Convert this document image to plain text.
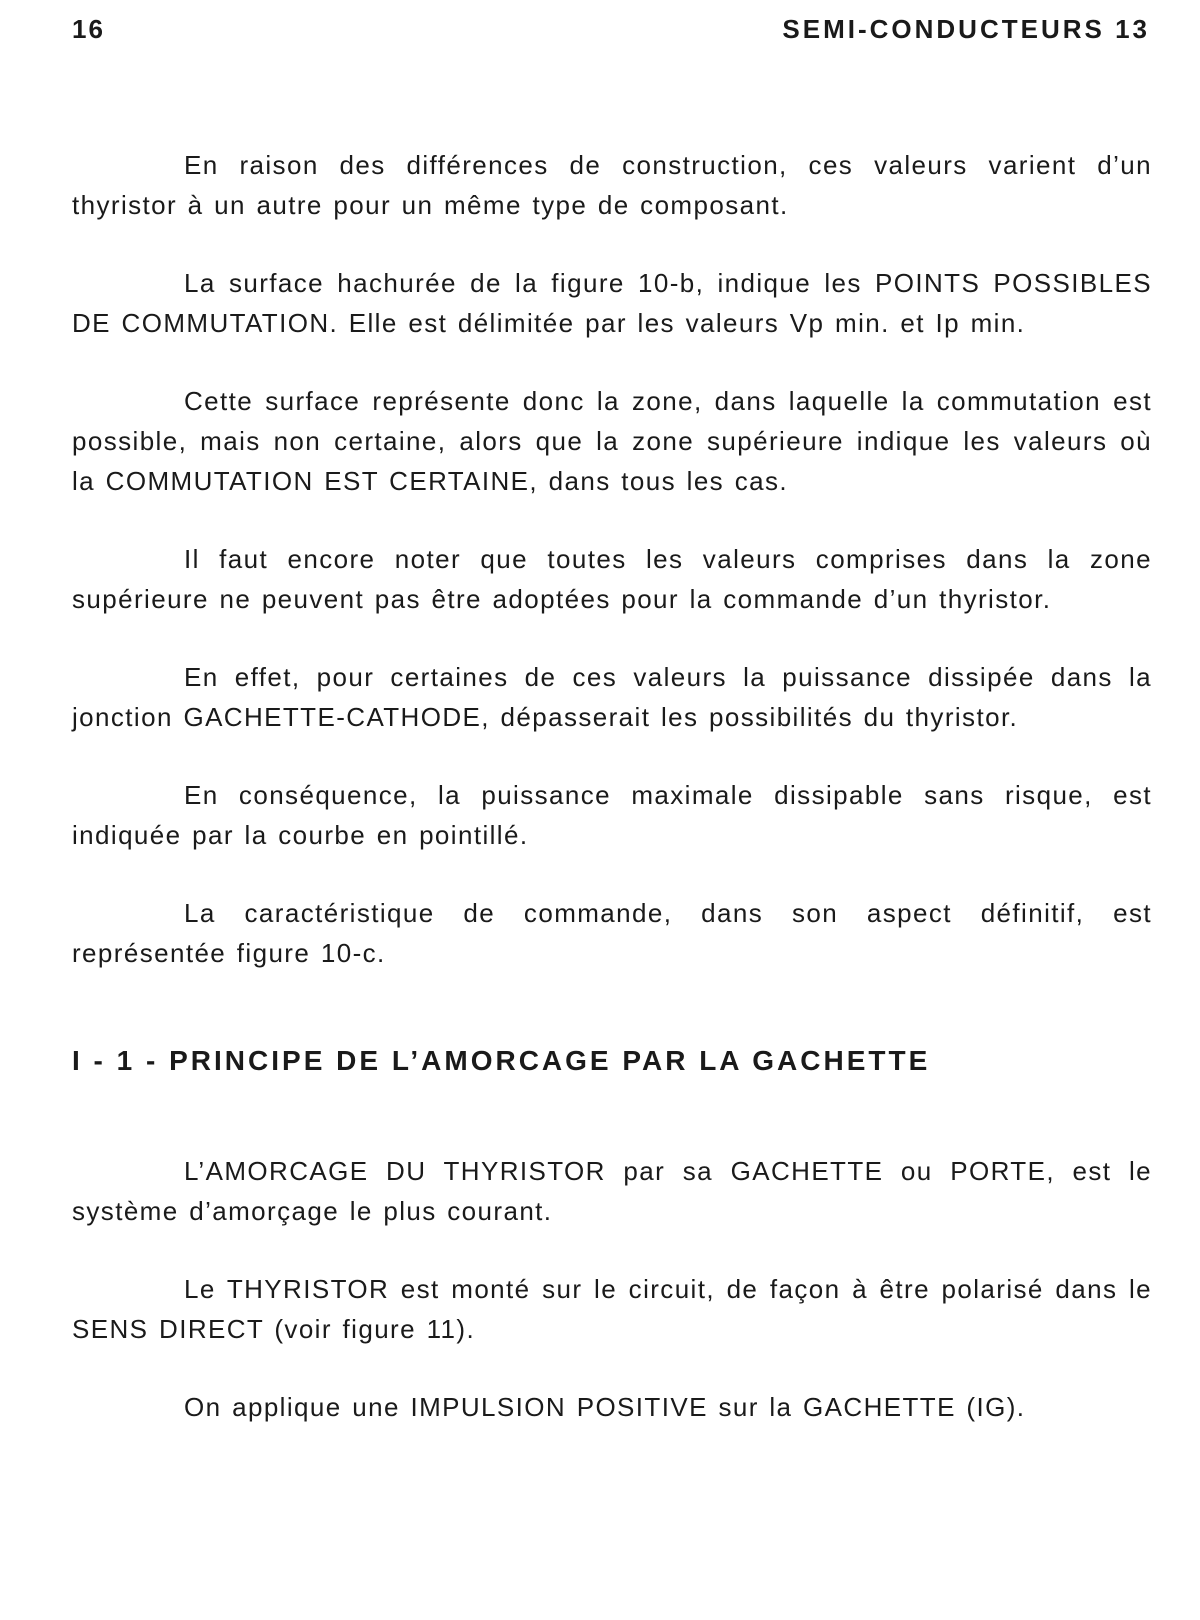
16	SEMI-CONDUCTEURS 13

En raison des différences de construction, ces valeurs varient d’un thyristor à un autre pour un même type de composant.

La surface hachurée de la figure 10-b, indique les POINTS POSSIBLES DE COMMUTATION. Elle est délimitée par les valeurs Vp min. et Ip min.

Cette surface représente donc la zone, dans laquelle la commutation est possible, mais non certaine, alors que la zone supérieure indique les valeurs où la COMMUTATION EST CERTAINE, dans tous les cas.

Il faut encore noter que toutes les valeurs comprises dans la zone supérieure ne peuvent pas être adoptées pour la commande d’un thyristor.

En effet, pour certaines de ces valeurs la puissance dissipée dans la jonction GACHETTE-CATHODE, dépasserait les possibilités du thyristor.

En conséquence, la puissance maximale dissipable sans risque, est indiquée par la courbe en pointillé.

La caractéristique de commande, dans son aspect définitif, est représentée figure 10-c.

I - 1 - PRINCIPE DE L’AMORCAGE PAR LA GACHETTE

L’AMORCAGE DU THYRISTOR par sa GACHETTE ou PORTE, est le système d’amorçage le plus courant.

Le THYRISTOR est monté sur le circuit, de façon à être polarisé dans le SENS DIRECT (voir figure 11).

On applique une IMPULSION POSITIVE sur la GACHETTE (IG).
